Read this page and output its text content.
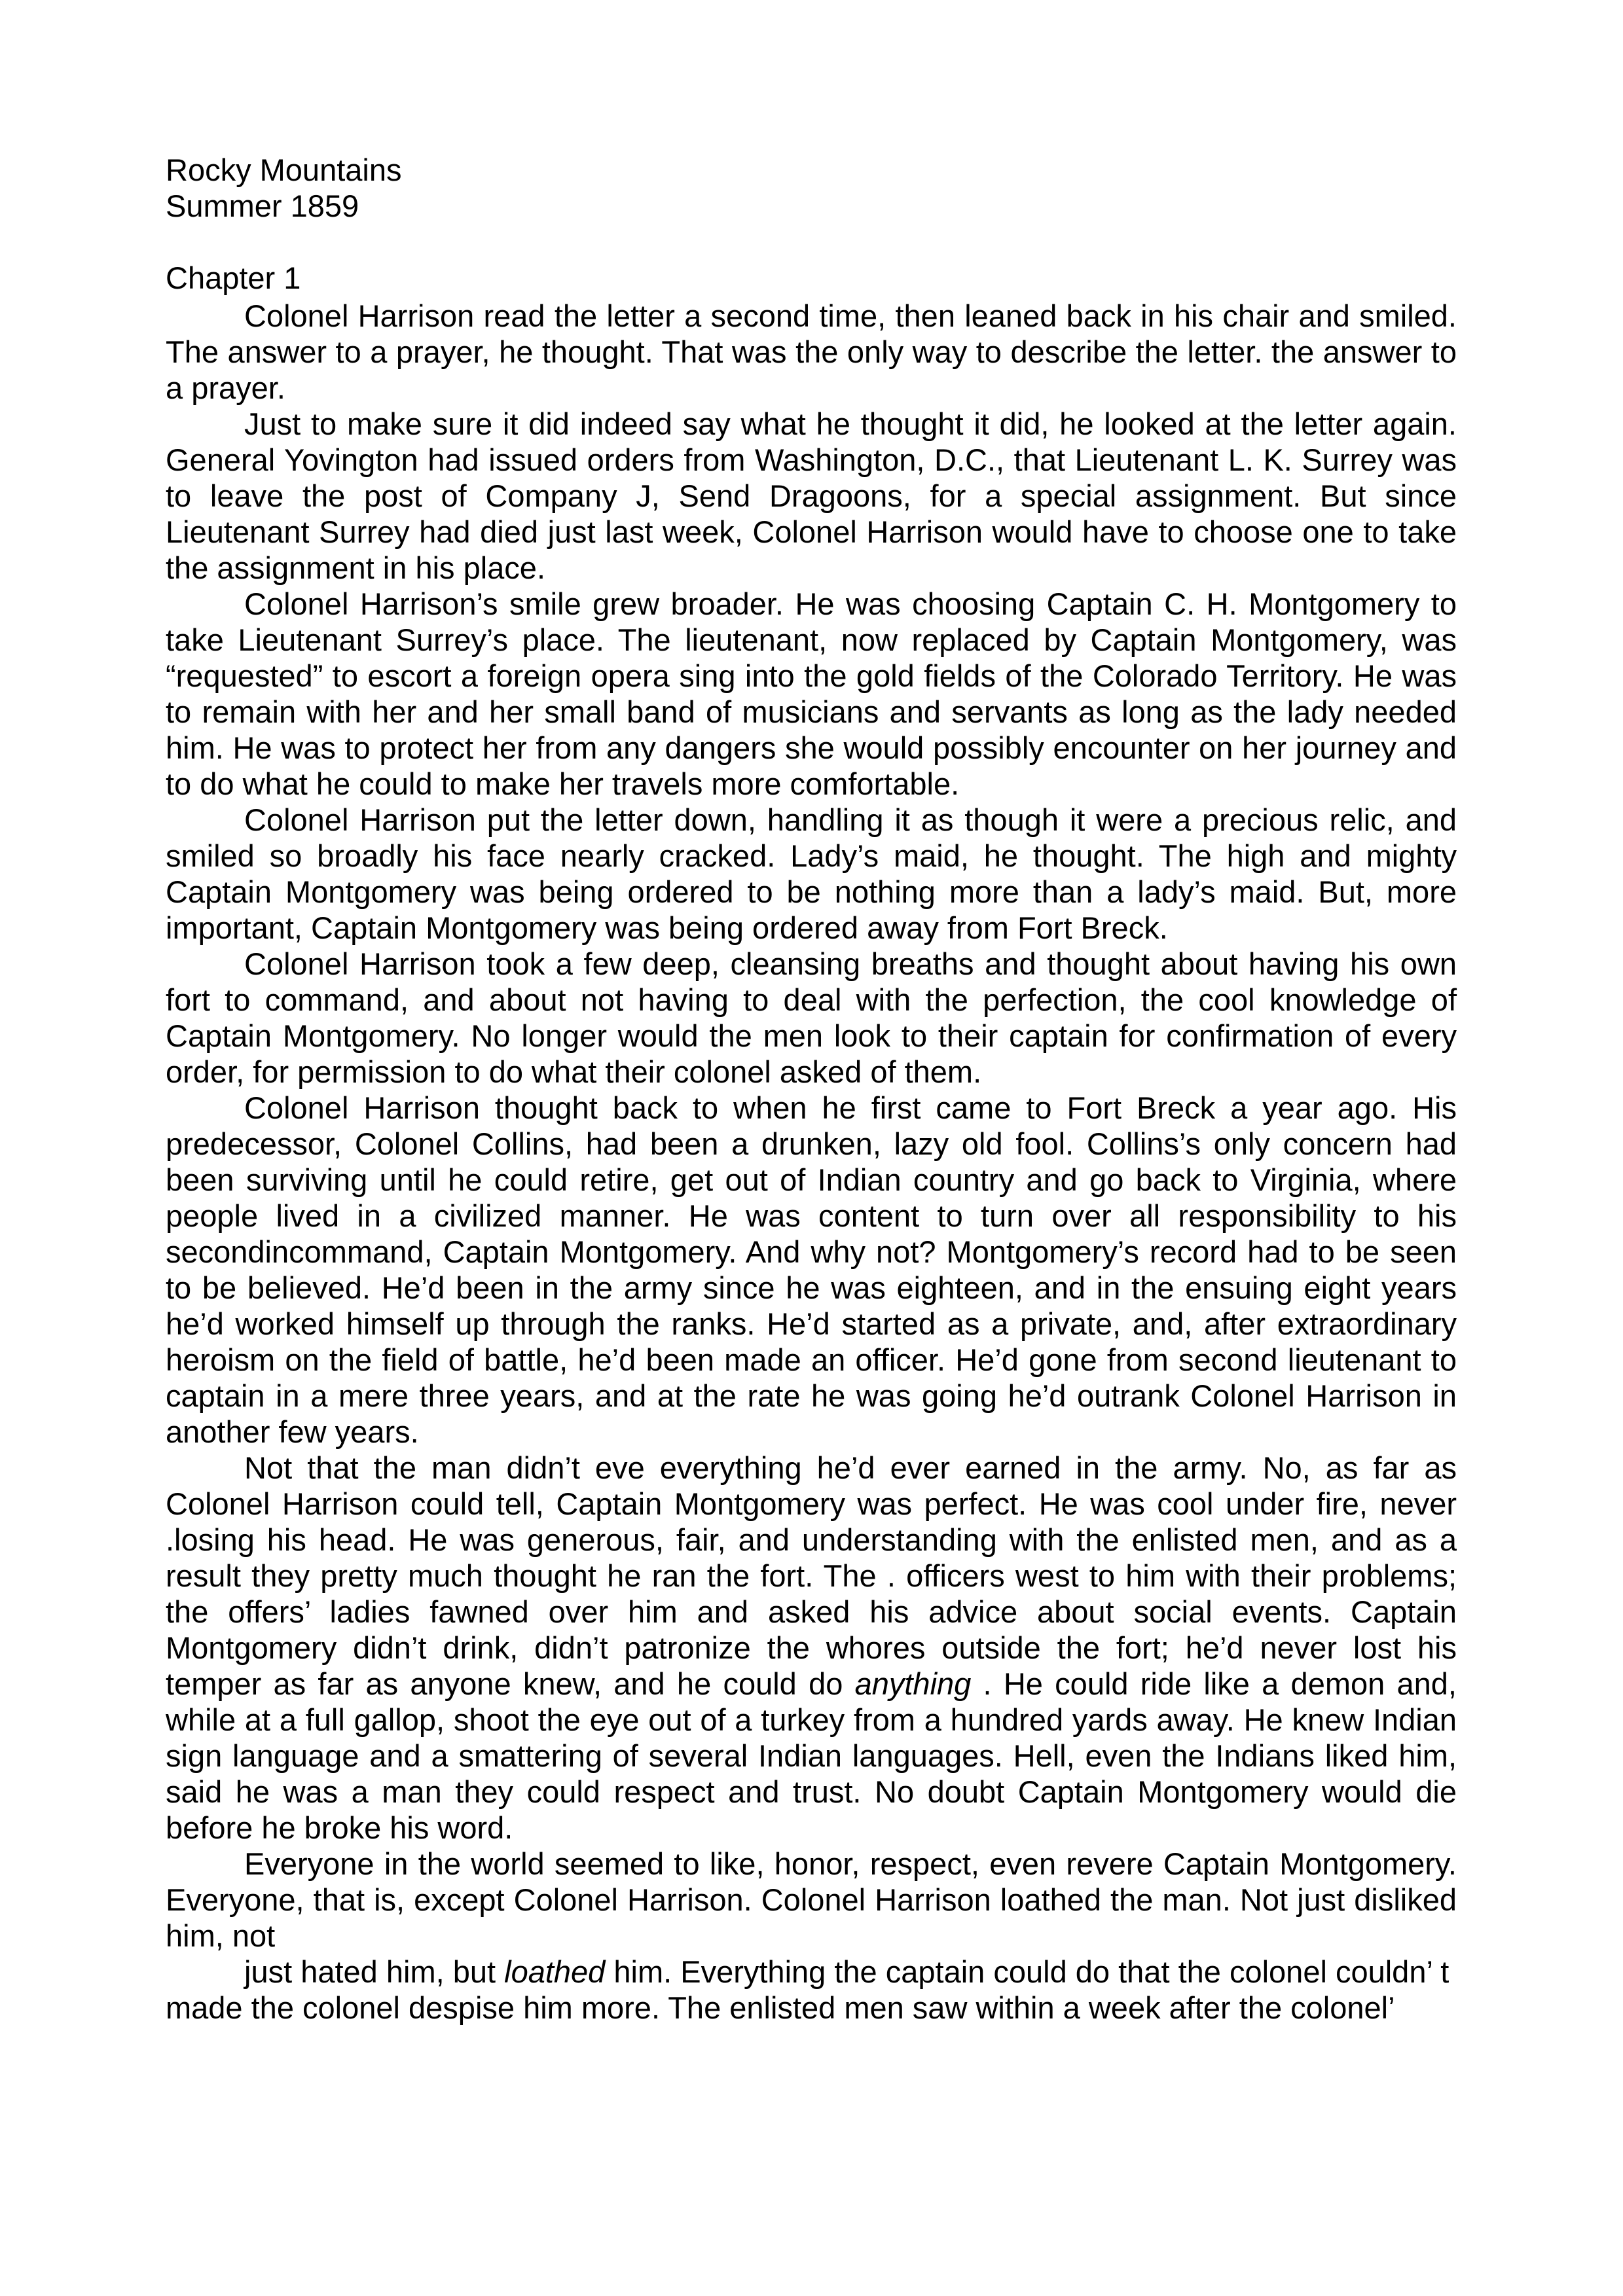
Rocky Mountains

Summer 1859

Chapter 1

Colonel Harrison read the letter a second time, then leaned back in his chair and smiled. The answer to a prayer, he thought. That was the only way to describe the letter. the answer to a prayer.

Just to make sure it did indeed say what he thought it did, he looked at the letter again. General Yovington had issued orders from Washington, D.C., that Lieutenant L. K. Surrey was to leave the post of Company J, Send Dragoons, for a special assignment. But since Lieutenant Surrey had died just last week, Colonel Harrison would have to choose one to take the assignment in his place.

Colonel Harrison’s smile grew broader. He was choosing Captain C. H. Montgomery to take Lieutenant Surrey’s place. The lieutenant, now replaced by Captain Montgomery, was “requested” to escort a foreign opera sing into the gold fields of the Colorado Territory. He was to remain with her and her small band of musicians and servants as long as the lady needed him. He was to protect her from any dangers she would possibly encounter on her journey and to do what he could to make her travels more comfortable.

Colonel Harrison put the letter down, handling it as though it were a precious relic, and smiled so broadly his face nearly cracked. Lady’s maid, he thought. The high and mighty Captain Montgomery was being ordered to be nothing more than a lady’s maid. But, more important, Captain Montgomery was being ordered away from Fort Breck.

Colonel Harrison took a few deep, cleansing breaths and thought about having his own fort to command, and about not having to deal with the perfection, the cool knowledge of Captain Montgomery. No longer would the men look to their captain for confirmation of every order, for permission to do what their colonel asked of them.

Colonel Harrison thought back to when he first came to Fort Breck a year ago. His predecessor, Colonel Collins, had been a drunken, lazy old fool. Collins’s only concern had been surviving until he could retire, get out of Indian country and go back to Virginia, where people lived in a civilized manner. He was content to turn over all responsibility to his secondincommand, Captain Montgomery. And why not? Montgomery’s record had to be seen to be believed. He’d been in the army since he was eighteen, and in the ensuing eight years he’d worked himself up through the ranks. He’d started as a private, and, after extraordinary heroism on the field of battle, he’d been made an officer. He’d gone from second lieutenant to captain in a mere three years, and at the rate he was going he’d outrank Colonel Harrison in another few years.

Not that the man didn’t eve everything he’d ever earned in the army. No, as far as Colonel Harrison could tell, Captain Montgomery was perfect. He was cool under fire, never .losing his head. He was generous, fair, and understanding with the enlisted men, and as a result they pretty much thought he ran the fort. The . officers west to him with their problems; the offers’ ladies fawned over him and asked his advice about social events. Captain Montgomery didn’t drink, didn’t patronize the whores outside the fort; he’d never lost his temper as far as anyone knew, and he could do anything . He could ride like a demon and, while at a full gallop, shoot the eye out of a turkey from a hundred yards away. He knew Indian sign language and a smattering of several Indian languages. Hell, even the Indians liked him, said he was a man they could respect and trust. No doubt Captain Montgomery would die before he broke his word.

Everyone in the world seemed to like, honor, respect, even revere Captain Montgomery. Everyone, that is, except Colonel Harrison. Colonel Harrison loathed the man. Not just disliked him, not

just hated him, but loathed him. Everything the captain could do that the colonel couldn’ t made the colonel despise him more. The enlisted men saw within a week after the colonel’
